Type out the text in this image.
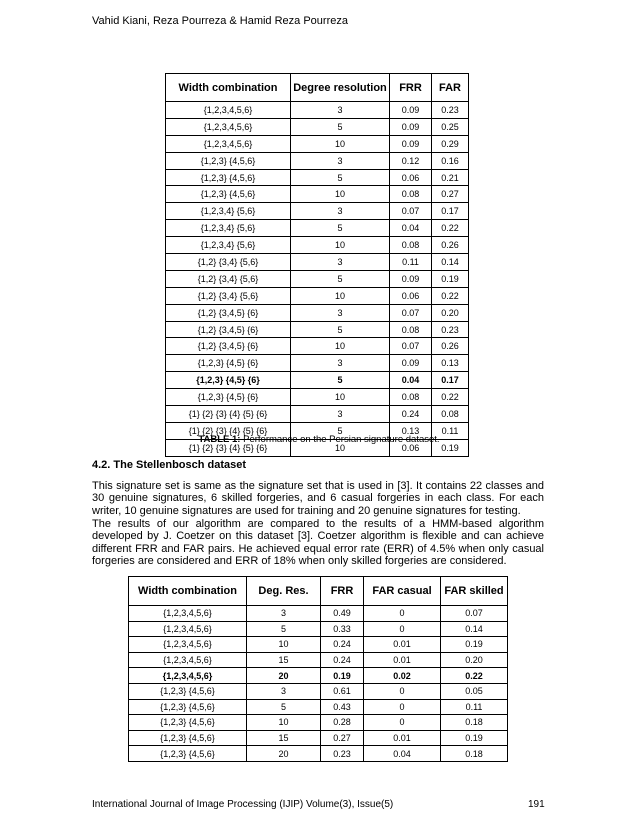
Vahid Kiani, Reza Pourreza & Hamid Reza Pourreza
Width combination	Degree resolution	FRR	FAR
{1,2,3,4,5,6}	3	0.09	0.23
{1,2,3,4,5,6}	5	0.09	0.25
{1,2,3,4,5,6}	10	0.09	0.29
{1,2,3} {4,5,6}	3	0.12	0.16
{1,2,3} {4,5,6}	5	0.06	0.21
{1,2,3} {4,5,6}	10	0.08	0.27
{1,2,3,4} {5,6}	3	0.07	0.17
{1,2,3,4} {5,6}	5	0.04	0.22
{1,2,3,4} {5,6}	10	0.08	0.26
{1,2} {3,4} {5,6}	3	0.11	0.14
{1,2} {3,4} {5,6}	5	0.09	0.19
{1,2} {3,4} {5,6}	10	0.06	0.22
{1,2} {3,4,5} {6}	3	0.07	0.20
{1,2} {3,4,5} {6}	5	0.08	0.23
{1,2} {3,4,5} {6}	10	0.07	0.26
{1,2,3} {4,5} {6}	3	0.09	0.13
{1,2,3} {4,5} {6}	5	0.04	0.17
{1,2,3} {4,5} {6}	10	0.08	0.22
{1} {2} {3} {4} {5} {6}	3	0.24	0.08
{1} {2} {3} {4} {5} {6}	5	0.13	0.11
{1} {2} {3} {4} {5} {6}	10	0.06	0.19
TABLE 1: Performance on the Persian signature dataset.
4.2. The Stellenbosch dataset

This signature set is same as the signature set that is used in [3]. It contains 22 classes and 30 genuine signatures, 6 skilled forgeries, and 6 casual forgeries in each class. For each writer, 10 genuine signatures are used for training and 20 genuine signatures for testing.

The results of our algorithm are compared to the results of a HMM-based algorithm developed by J. Coetzer on this dataset [3]. Coetzer algorithm is flexible and can achieve different FRR and FAR pairs. He achieved equal error rate (ERR) of 4.5% when only casual forgeries are considered and ERR of 18% when only skilled forgeries are considered.

Width combination	Deg. Res.	FRR	FAR casual	FAR skilled
{1,2,3,4,5,6}	3	0.49	0	0.07
{1,2,3,4,5,6}	5	0.33	0	0.14
{1,2,3,4,5,6}	10	0.24	0.01	0.19
{1,2,3,4,5,6}	15	0.24	0.01	0.20
{1,2,3,4,5,6}	20	0.19	0.02	0.22
{1,2,3} {4,5,6}	3	0.61	0	0.05
{1,2,3} {4,5,6}	5	0.43	0	0.11
{1,2,3} {4,5,6}	10	0.28	0	0.18
{1,2,3} {4,5,6}	15	0.27	0.01	0.19
{1,2,3} {4,5,6}	20	0.23	0.04	0.18
International Journal of Image Processing (IJIP) Volume(3), Issue(5)	191
